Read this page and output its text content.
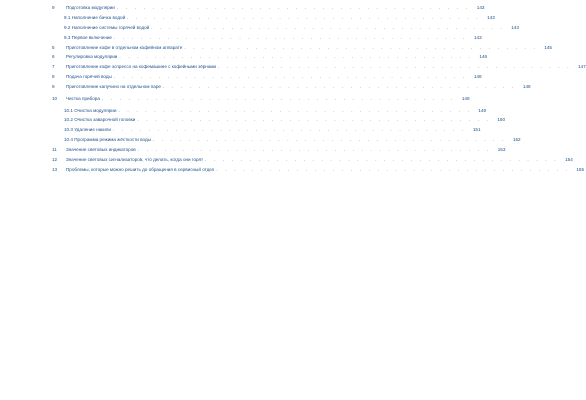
9	Подготовка модулярии . . .	143
9.1 Наполнение бачка водой . . .	143
9.2 Наполнение системы горячей водой . . .	143
9.3 Первое включение . . .	143
5	Приготовление кофе в отдельном кофейном аппарате . . .	145
6	Регулировка модулярии . . .	146
7	Приготовление кофе эспрессо на кофемашине с кофейными зёрнами . . .	147
8	Подача горячей воды . . .	148
9	Приготовление капучино на отдельном паре . . .	148
10	Чистка прибора . . .	149
10.1 Очистка модулярии . . .	149
10.2 Очистка заварочной головки . . .	150
10.3 Удаление накипи . . .	151
10.4 Программа режима жёсткости воды . . .	152
11	Значение световых индикаторов . . .	153
12	Значение световых сигнализаторов, что делать, когда они горят . . .	154
13	Проблемы, которые можно решить до обращения в сервисный отдел . . .	155
